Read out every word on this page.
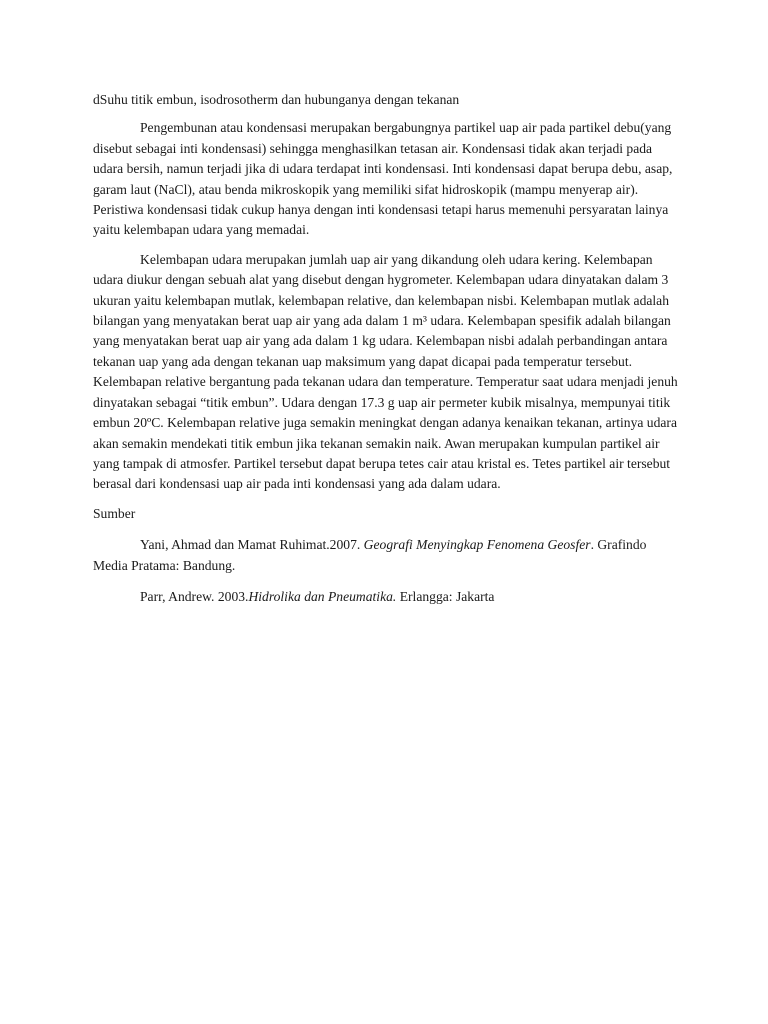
dSuhu titik embun, isodrosotherm dan hubunganya dengan tekanan

Pengembunan atau kondensasi merupakan bergabungnya partikel uap air pada partikel debu(yang disebut sebagai inti kondensasi) sehingga menghasilkan tetasan air. Kondensasi tidak akan terjadi pada udara bersih, namun terjadi jika di udara terdapat inti kondensasi. Inti kondensasi dapat berupa debu, asap, garam laut (NaCl), atau benda mikroskopik yang memiliki sifat hidroskopik (mampu menyerap air). Peristiwa kondensasi tidak cukup hanya dengan inti kondensasi tetapi harus memenuhi persyaratan lainya yaitu kelembapan udara yang memadai.

Kelembapan udara merupakan jumlah uap air yang dikandung oleh udara kering. Kelembapan udara diukur dengan sebuah alat yang disebut dengan hygrometer. Kelembapan udara dinyatakan dalam 3 ukuran yaitu kelembapan mutlak, kelembapan relative, dan kelembapan nisbi. Kelembapan mutlak adalah bilangan yang menyatakan berat uap air yang ada dalam 1 m³ udara. Kelembapan spesifik adalah bilangan yang menyatakan berat uap air yang ada dalam 1 kg udara. Kelembapan nisbi adalah perbandingan antara tekanan uap yang ada dengan tekanan uap maksimum yang dapat dicapai pada temperatur tersebut. Kelembapan relative bergantung pada tekanan udara dan temperature. Temperatur saat udara menjadi jenuh dinyatakan sebagai “titik embun”. Udara dengan 17.3 g uap air permeter kubik misalnya, mempunyai titik embun 20ºC. Kelembapan relative juga semakin meningkat dengan adanya kenaikan tekanan, artinya udara akan semakin mendekati titik embun jika tekanan semakin naik. Awan merupakan kumpulan partikel air yang tampak di atmosfer. Partikel tersebut dapat berupa tetes cair atau kristal es. Tetes partikel air tersebut berasal dari kondensasi uap air pada inti kondensasi yang ada dalam udara.

Sumber

Yani, Ahmad dan Mamat Ruhimat.2007. Geografi Menyingkap Fenomena Geosfer. Grafindo Media Pratama: Bandung.

Parr, Andrew. 2003.Hidrolika dan Pneumatika. Erlangga: Jakarta
